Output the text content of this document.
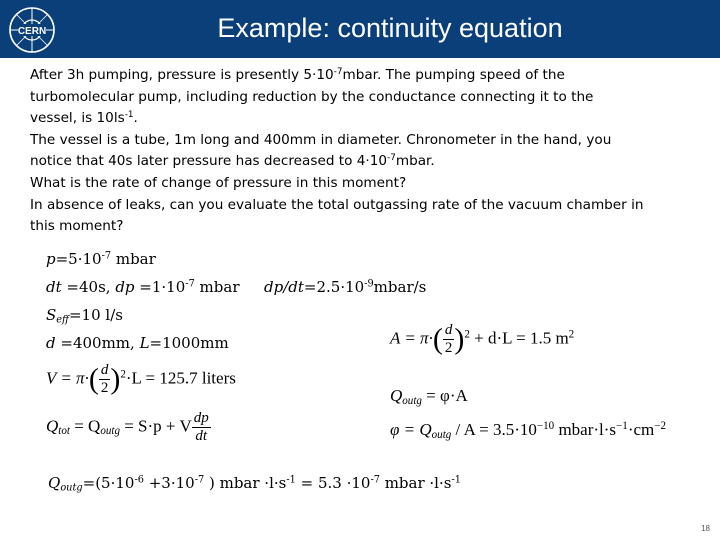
CERN	Example: continuity equation
After 3h pumping, pressure is presently $5\cdot 10^{-7}mbar$. The pumping speed of the
turbomolecular pump, including reduction by the conductance connecting it to the
vessel, is $10ls^{-1}$.
The vessel is a tube, 1m long and 400mm in diameter. Chronometer in the hand, you
notice that 40s later pressure has decreased to $4\cdot 10^{-7}mbar$.
What is the rate of change of pressure in this moment?
In absence of leaks, can you evaluate the total outgassing rate of the vacuum chamber in
this moment?
$p=5\cdot 10^{-7}$ mbar
dt =40s, dp $=1\cdot 10^{-7}$ mbar $dp/dt=2.5\cdot 10^{-9}mbar/s$
$S_{eff}=10$ l/s
d =400mm, L=1000mm	$A = \pi\cdot( \frac{d}{2} )^2 + d\cdot L = 1.5$ $m^2$
$V = \pi\cdot( \frac{d}{2} )^2\cdot L = 125.7$ liters
$Q_{outg} = \varphi\cdot A$
$Q_{tot} = Q_{outg} = S\cdot p + V \frac{dp}{dt}$	$\varphi = Q_{outg} / A = 3.5\cdot 10^{-10}$ $mbar\cdot l\cdot s^{-1}\cdot cm^{-2}$
$Q_{outg}=(5\cdot 10^{-6} +3\cdot 10^{-7}$ ) mbar $\cdot l\cdot s^{-1} = 5.3 \cdot 10^{-7}$ mbar $\cdot l\cdot s^{-1}$
18
